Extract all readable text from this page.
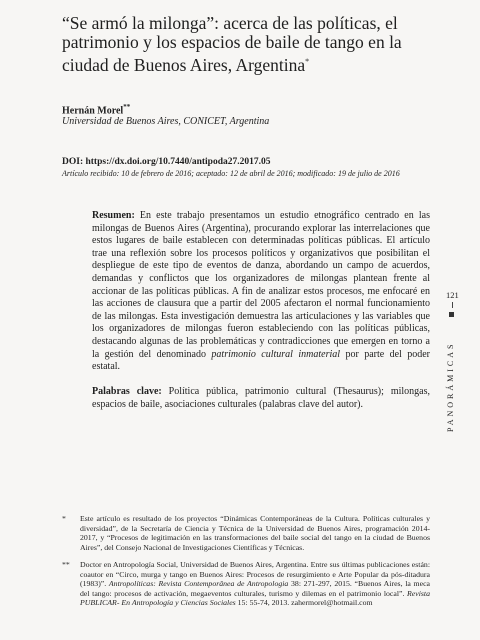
“Se armó la milonga”: acerca de las políticas, el patrimonio y los espacios de baile de tango en la ciudad de Buenos Aires, Argentina*
Hernán Morel**
Universidad de Buenos Aires, CONICET, Argentina
DOI: https://dx.doi.org/10.7440/antipoda27.2017.05
Artículo recibido: 10 de febrero de 2016; aceptado: 12 de abril de 2016; modificado: 19 de julio de 2016

Resumen: En este trabajo presentamos un estudio etnográfico centrado en las milongas de Buenos Aires (Argentina), procurando explorar las interrelaciones que estos lugares de baile establecen con determinadas políticas públicas. El artículo trae una reflexión sobre los procesos políticos y organizativos que posibilitan el despliegue de este tipo de eventos de danza, abordando un campo de acuerdos, demandas y conflictos que los organizadores de milongas plantean frente al accionar de las políticas públicas. A fin de analizar estos procesos, me enfocaré en las acciones de clausura que a partir del 2005 afectaron el normal funcionamiento de las milongas. Esta investigación demuestra las articulaciones y las variables que los organizadores de milongas fueron estableciendo con las políticas públicas, destacando algunas de las problemáticas y contradicciones que emergen en torno a la gestión del denominado patrimonio cultural inmaterial por parte del poder estatal.

Palabras clave: Política pública, patrimonio cultural (Thesaurus); milongas, espacios de baile, asociaciones culturales (palabras clave del autor).

121
PANORÁMICAS
* Este artículo es resultado de los proyectos “Dinámicas Contemporáneas de la Cultura. Políticas culturales y diversidad”, de la Secretaría de Ciencia y Técnica de la Universidad de Buenos Aires, programación 2014-2017, y “Procesos de legitimación en las transformaciones del baile social del tango en la ciudad de Buenos Aires”, del Consejo Nacional de Investigaciones Científicas y Técnicas.
** Doctor en Antropología Social, Universidad de Buenos Aires, Argentina. Entre sus últimas publicaciones están: coautor en “Circo, murga y tango en Buenos Aires: Procesos de resurgimiento e Arte Popular da pós-ditadura (1983)”. Antropolíticas: Revista Contemporânea de Antropologia 38: 271-297, 2015. “Buenos Aires, la meca del tango: procesos de activación, megaeventos culturales, turismo y dilemas en el patrimonio local”. Revista PUBLICAR- En Antropología y Ciencias Sociales 15: 55-74, 2013. zahermorel@hotmail.com
